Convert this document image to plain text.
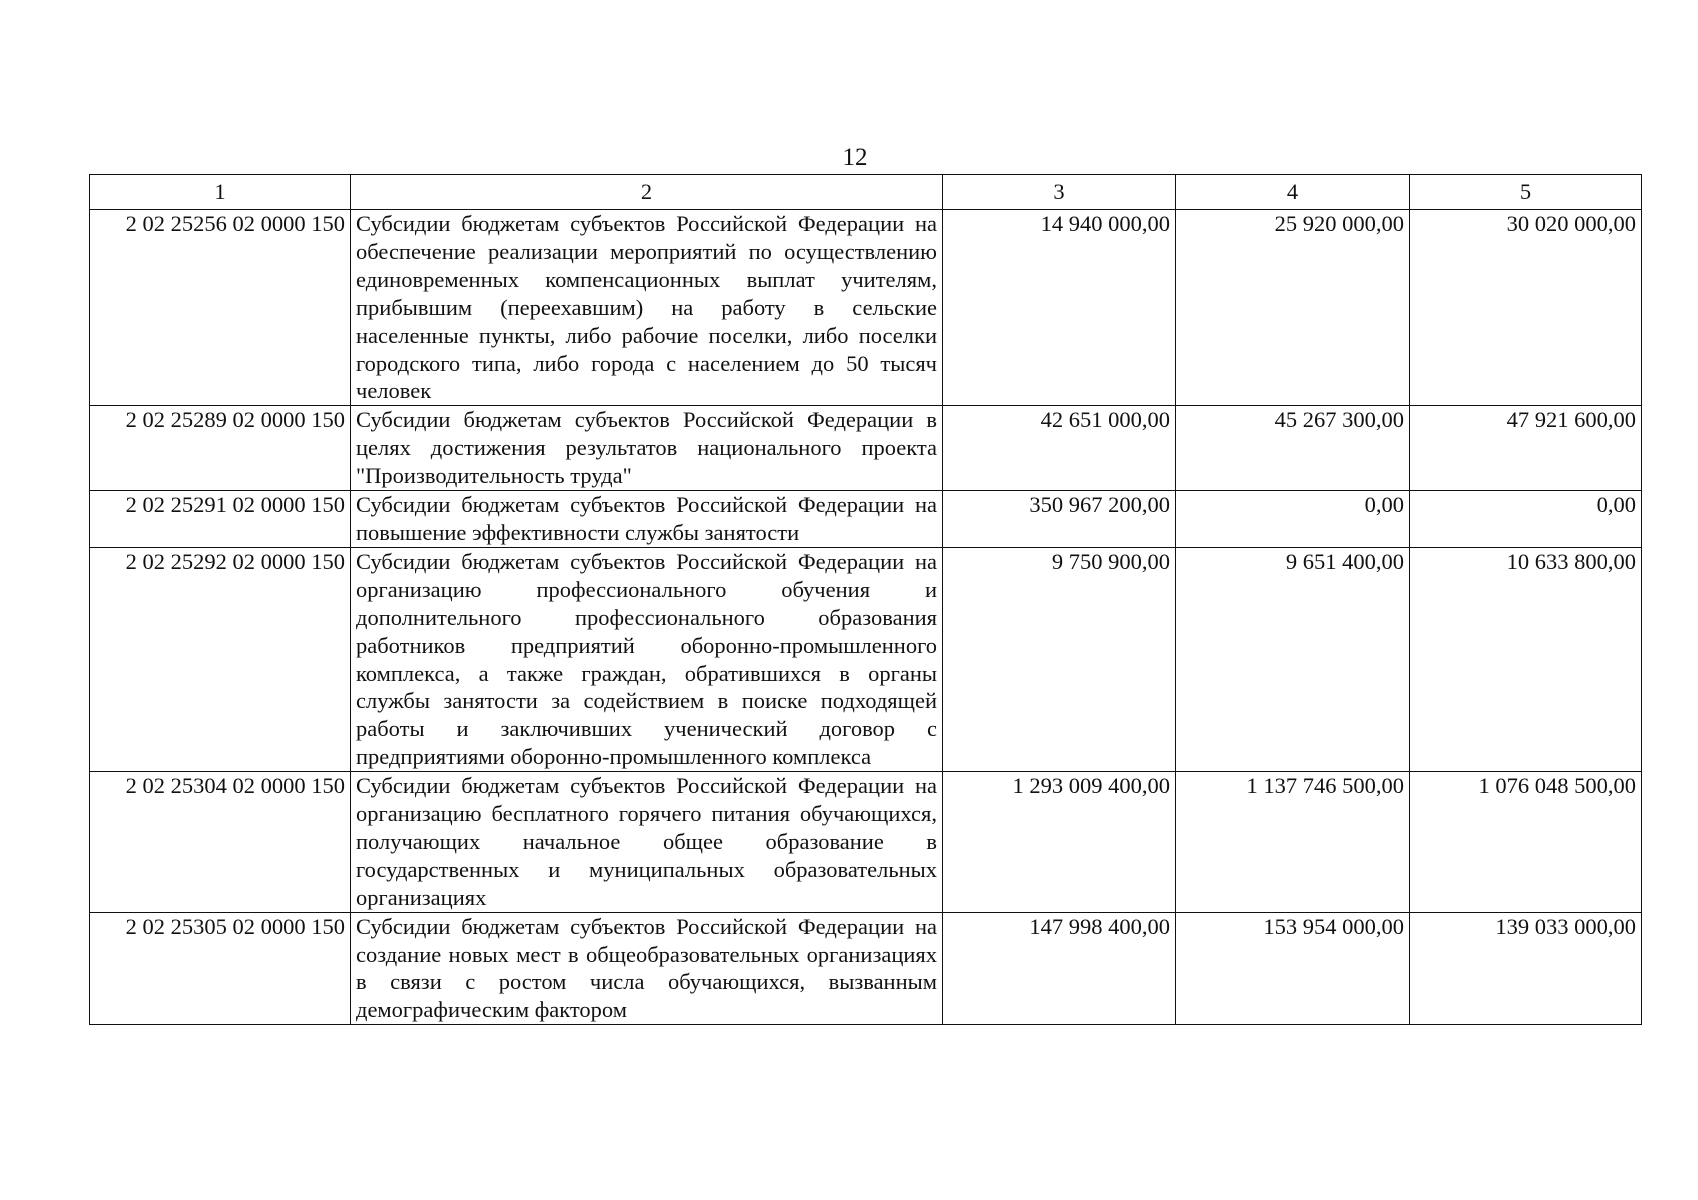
12
1	2	3	4	5
2 02 25256 02 0000 150	Субсидии бюджетам субъектов Российской Федерации на обеспечение реализации мероприятий по осуществлению единовременных компенсационных выплат учителям, прибывшим (переехавшим) на работу в сельские населенные пункты, либо рабочие поселки, либо поселки городского типа, либо города с населением до 50 тысяч человек	14 940 000,00	25 920 000,00	30 020 000,00
2 02 25289 02 0000 150	Субсидии бюджетам субъектов Российской Федерации в целях достижения результатов национального проекта "Производительность труда"	42 651 000,00	45 267 300,00	47 921 600,00
2 02 25291 02 0000 150	Субсидии бюджетам субъектов Российской Федерации на повышение эффективности службы занятости	350 967 200,00	0,00	0,00
2 02 25292 02 0000 150	Субсидии бюджетам субъектов Российской Федерации на организацию профессионального обучения и дополнительного профессионального образования работников предприятий оборонно-промышленного комплекса, а также граждан, обратившихся в органы службы занятости за содействием в поиске подходящей работы и заключивших ученический договор с предприятиями оборонно-промышленного комплекса	9 750 900,00	9 651 400,00	10 633 800,00
2 02 25304 02 0000 150	Субсидии бюджетам субъектов Российской Федерации на организацию бесплатного горячего питания обучающихся, получающих начальное общее образование в государственных и муниципальных образовательных организациях	1 293 009 400,00	1 137 746 500,00	1 076 048 500,00
2 02 25305 02 0000 150	Субсидии бюджетам субъектов Российской Федерации на создание новых мест в общеобразовательных организациях в связи с ростом числа обучающихся, вызванным демографическим фактором	147 998 400,00	153 954 000,00	139 033 000,00
